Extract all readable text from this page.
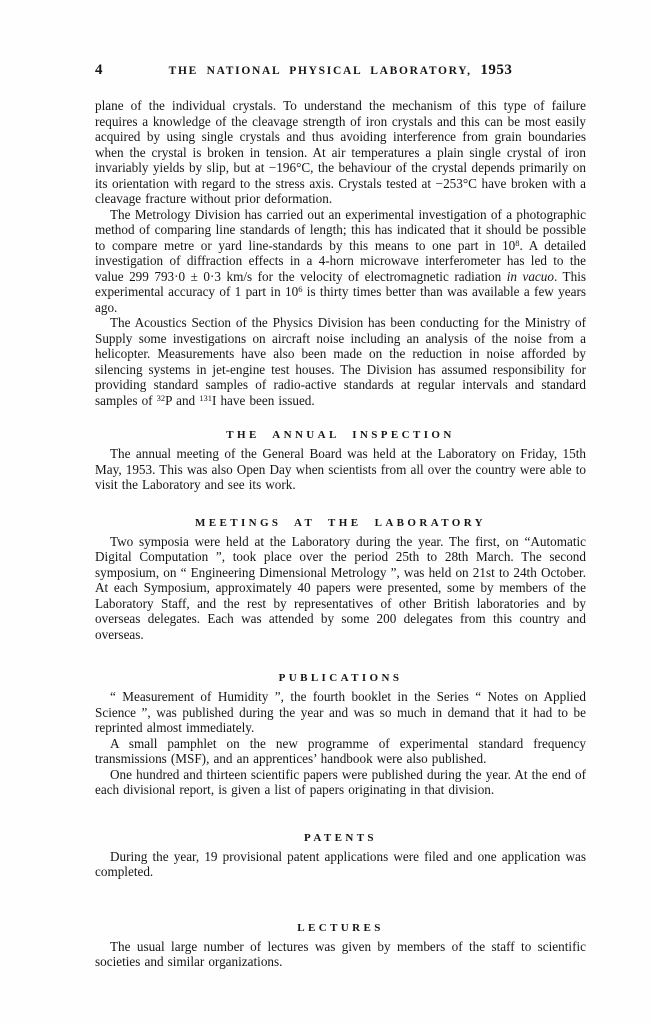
4	THE NATIONAL PHYSICAL LABORATORY, 1953

plane of the individual crystals. To understand the mechanism of this type of failure requires a knowledge of the cleavage strength of iron crystals and this can be most easily acquired by using single crystals and thus avoiding interference from grain boundaries when the crystal is broken in tension. At air temperatures a plain single crystal of iron invariably yields by slip, but at −196°C, the behaviour of the crystal depends primarily on its orientation with regard to the stress axis. Crystals tested at −253°C have broken with a cleavage fracture without prior deformation.

The Metrology Division has carried out an experimental investigation of a photographic method of comparing line standards of length; this has indicated that it should be possible to compare metre or yard line-standards by this means to one part in $10^8$. A detailed investigation of diffraction effects in a 4-horn microwave interferometer has led to the value 299 793·0 ± 0·3 km/s for the velocity of electromagnetic radiation in vacuo. This experimental accuracy of 1 part in $10^6$ is thirty times better than was available a few years ago.

The Acoustics Section of the Physics Division has been conducting for the Ministry of Supply some investigations on aircraft noise including an analysis of the noise from a helicopter. Measurements have also been made on the reduction in noise afforded by silencing systems in jet-engine test houses. The Division has assumed responsibility for providing standard samples of radio-active standards at regular intervals and standard samples of $^{32}$P and $^{131}$I have been issued.

THE ANNUAL INSPECTION

The annual meeting of the General Board was held at the Laboratory on Friday, 15th May, 1953. This was also Open Day when scientists from all over the country were able to visit the Laboratory and see its work.

MEETINGS AT THE LABORATORY

Two symposia were held at the Laboratory during the year. The first, on “Automatic Digital Computation ”, took place over the period 25th to 28th March. The second symposium, on “ Engineering Dimensional Metrology ”, was held on 21st to 24th October. At each Symposium, approximately 40 papers were presented, some by members of the Laboratory Staff, and the rest by representatives of other British laboratories and by overseas delegates. Each was attended by some 200 delegates from this country and overseas.

PUBLICATIONS

“ Measurement of Humidity ”, the fourth booklet in the Series “ Notes on Applied Science ”, was published during the year and was so much in demand that it had to be reprinted almost immediately.

A small pamphlet on the new programme of experimental standard frequency transmissions (MSF), and an apprentices’ handbook were also published.

One hundred and thirteen scientific papers were published during the year. At the end of each divisional report, is given a list of papers originating in that division.

PATENTS

During the year, 19 provisional patent applications were filed and one application was completed.

LECTURES

The usual large number of lectures was given by members of the staff to scientific societies and similar organizations.
